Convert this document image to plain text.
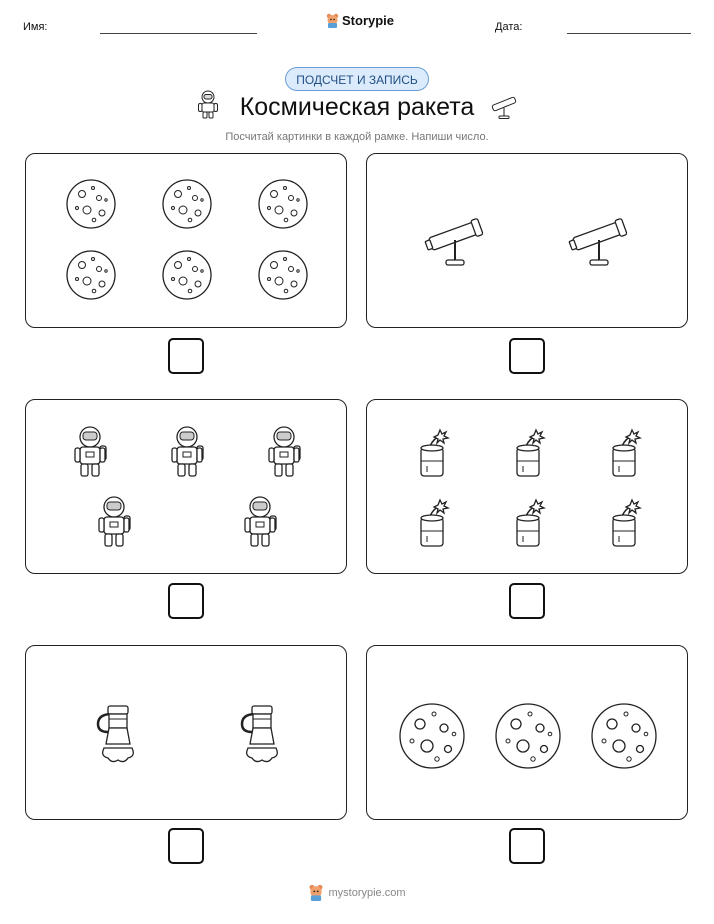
Имя:	Storypie	Дата:
ПОДСЧЕТ И ЗАПИСЬ
Космическая ракета
Посчитай картинки в каждой рамке. Напиши число.
mystorypie.com
